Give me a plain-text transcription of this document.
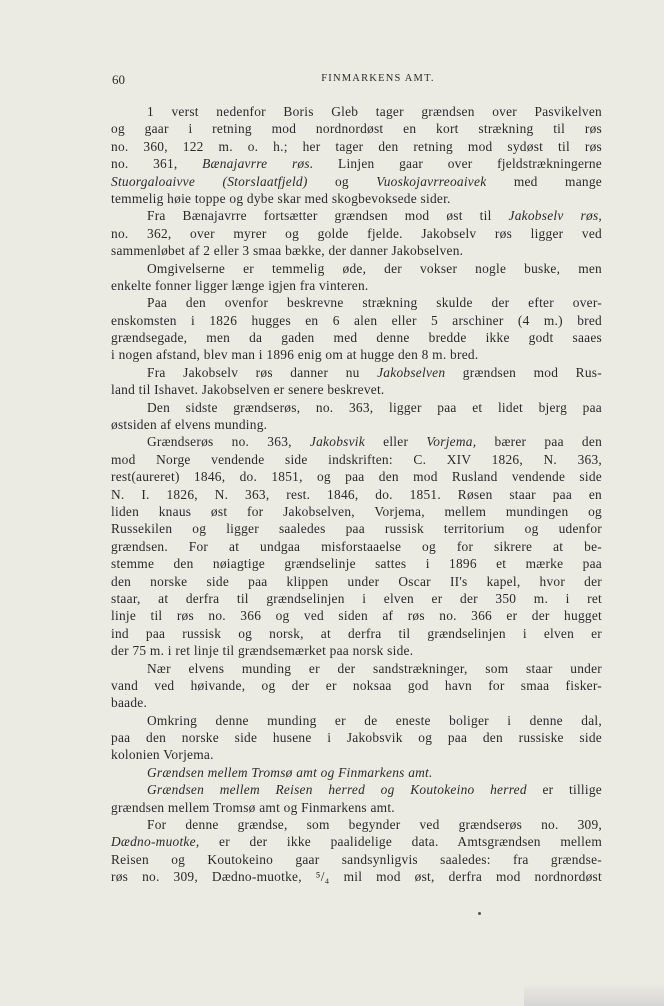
60	FINMARKENS AMT.
1 verst nedenfor Boris Gleb tager grændsen over Pasvikelven
og gaar i retning mod nordnordøst en kort strækning til røs
no. 360, 122 m. o. h.; her tager den retning mod sydøst til røs
no. 361, Bænajavrre røs. Linjen gaar over fjeldstrækningerne
Stuorgaloaivve (Storslaatfjeld) og Vuoskojavrreoaivek med mange
temmelig høie toppe og dybe skar med skogbevoksede sider.
Fra Bænajavrre fortsætter grændsen mod øst til Jakobselv røs,
no. 362, over myrer og golde fjelde. Jakobselv røs ligger ved
sammenløbet af 2 eller 3 smaa bække, der danner Jakobselven.
Omgivelserne er temmelig øde, der vokser nogle buske, men
enkelte fonner ligger længe igjen fra vinteren.
Paa den ovenfor beskrevne strækning skulde der efter over-
enskomsten i 1826 hugges en 6 alen eller 5 arschiner (4 m.) bred
grændsegade, men da gaden med denne bredde ikke godt saaes
i nogen afstand, blev man i 1896 enig om at hugge den 8 m. bred.
Fra Jakobselv røs danner nu Jakobselven grændsen mod Rus-
land til Ishavet. Jakobselven er senere beskrevet.
Den sidste grændserøs, no. 363, ligger paa et lidet bjerg paa
østsiden af elvens munding.
Grændserøs no. 363, Jakobsvik eller Vorjema, bærer paa den
mod Norge vendende side indskriften: C. XIV 1826, N. 363,
rest(aureret) 1846, do. 1851, og paa den mod Rusland vendende side
N. I. 1826, N. 363, rest. 1846, do. 1851. Røsen staar paa en
liden knaus øst for Jakobselven, Vorjema, mellem mundingen og
Russekilen og ligger saaledes paa russisk territorium og udenfor
grændsen. For at undgaa misforstaaelse og for sikrere at be-
stemme den nøiagtige grændselinje sattes i 1896 et mærke paa
den norske side paa klippen under Oscar II's kapel, hvor der
staar, at derfra til grændselinjen i elven er der 350 m. i ret
linje til røs no. 366 og ved siden af røs no. 366 er der hugget
ind paa russisk og norsk, at derfra til grændselinjen i elven er
der 75 m. i ret linje til grændsemærket paa norsk side.
Nær elvens munding er der sandstrækninger, som staar under
vand ved høivande, og der er noksaa god havn for smaa fisker-
baade.
Omkring denne munding er de eneste boliger i denne dal,
paa den norske side husene i Jakobsvik og paa den russiske side
kolonien Vorjema.
Grændsen mellem Tromsø amt og Finmarkens amt.
Grændsen mellem Reisen herred og Koutokeino herred er tillige
grændsen mellem Tromsø amt og Finmarkens amt.
For denne grændse, som begynder ved grændserøs no. 309,
Dædno-muotke, er der ikke paalidelige data. Amtsgrændsen mellem
Reisen og Koutokeino gaar sandsynligvis saaledes: fra grændse-
røs no. 309, Dædno-muotke, ⁵/₄ mil mod øst, derfra mod nordnordøst
